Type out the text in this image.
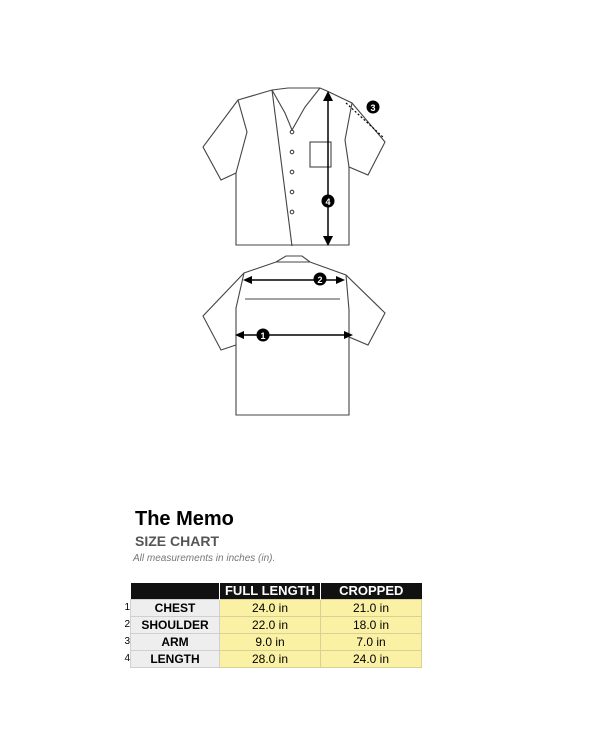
3
4
2
1
The Memo
SIZE CHART
All measurements in inches (in).
		FULL LENGTH	CROPPED
1	CHEST	24.0 in	21.0 in
2	SHOULDER	22.0 in	18.0 in
3	ARM	9.0 in	7.0 in
4	LENGTH	28.0 in	24.0 in
